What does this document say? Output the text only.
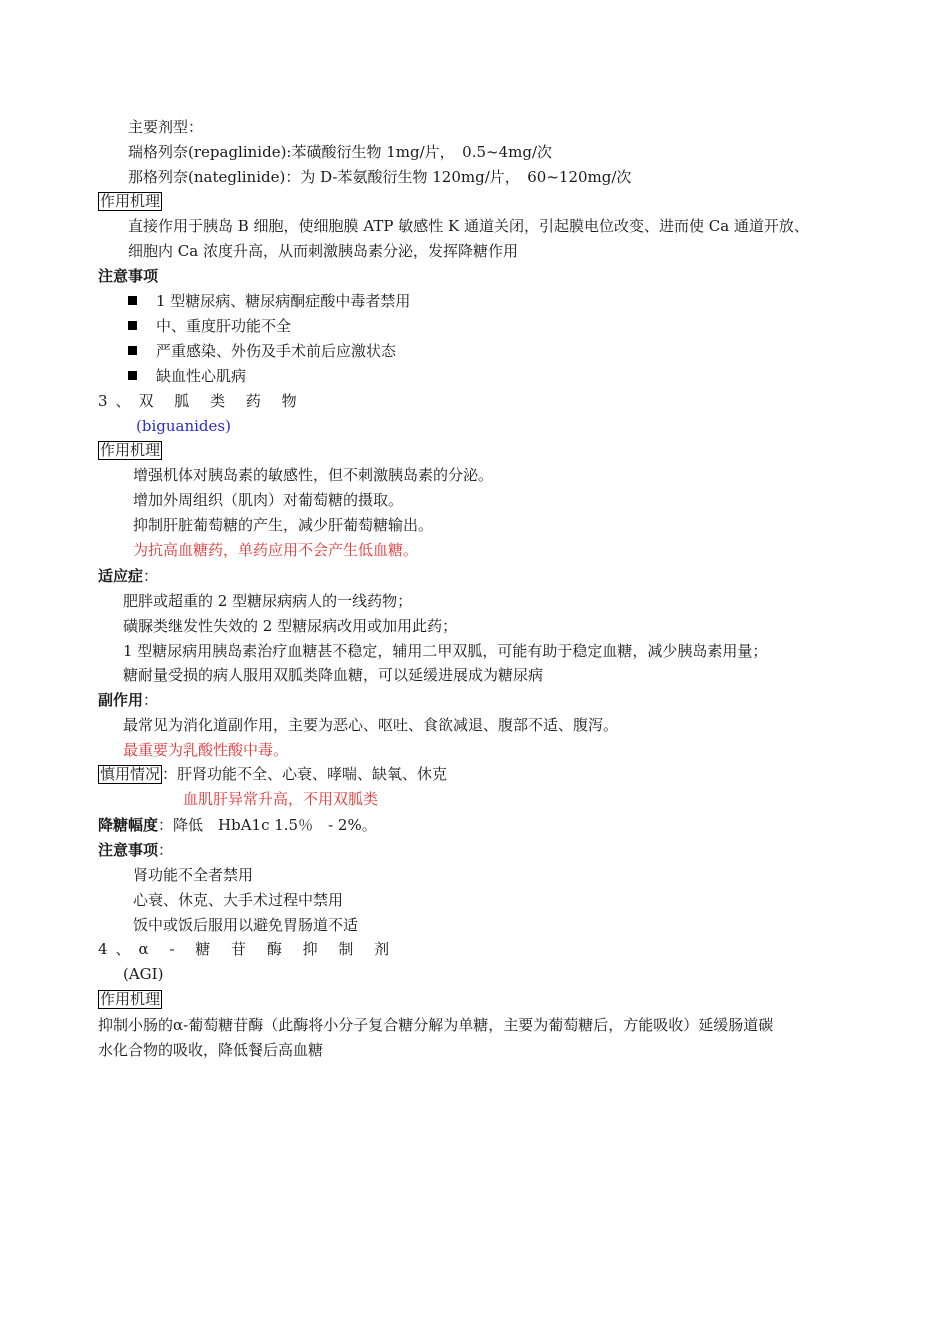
主要剂型：
瑞格列奈(repaglinide):苯磺酸衍生物 1mg/片，　0.5~4mg/次
那格列奈(nateglinide)：为 D-苯氨酸衍生物 120mg/片，　60~120mg/次
作用机理
直接作用于胰岛 B 细胞，使细胞膜 ATP 敏感性 K 通道关闭，引起膜电位改变、进而使 Ca 通道开放、
细胞内 Ca 浓度升高，从而刺激胰岛素分泌，发挥降糖作用
注意事项
1 型糖尿病、糖尿病酮症酸中毒者禁用
中、重度肝功能不全
严重感染、外伤及手术前后应激状态
缺血性心肌病
3、双 胍 类 药 物
(biguanides)
作用机理
增强机体对胰岛素的敏感性，但不刺激胰岛素的分泌。
增加外周组织（肌肉）对葡萄糖的摄取。
抑制肝脏葡萄糖的产生，减少肝葡萄糖输出。
为抗高血糖药，单药应用不会产生低血糖。
适应症：
肥胖或超重的 2 型糖尿病病人的一线药物；
磺脲类继发性失效的 2 型糖尿病改用或加用此药；
1 型糖尿病用胰岛素治疗血糖甚不稳定，辅用二甲双胍，可能有助于稳定血糖，减少胰岛素用量；
糖耐量受损的病人服用双胍类降血糖，可以延缓进展成为糖尿病
副作用：
最常见为消化道副作用，主要为恶心、呕吐、食欲减退、腹部不适、腹泻。
最重要为乳酸性酸中毒。
慎用情况 ：肝肾功能不全、心衰、哮喘、缺氧、休克
血肌肝异常升高，不用双胍类
降糖幅度：降低　HbA1c 1.5％　- 2%。
注意事项：
肾功能不全者禁用
心衰、休克、大手术过程中禁用
饭中或饭后服用以避免胃肠道不适
4、α - 糖 苷 酶 抑 制 剂
(AGI)
作用机理
抑制小肠的α-葡萄糖苷酶（此酶将小分子复合糖分解为单糖，主要为葡萄糖后，方能吸收）延缓肠道碳
水化合物的吸收，降低餐后高血糖
